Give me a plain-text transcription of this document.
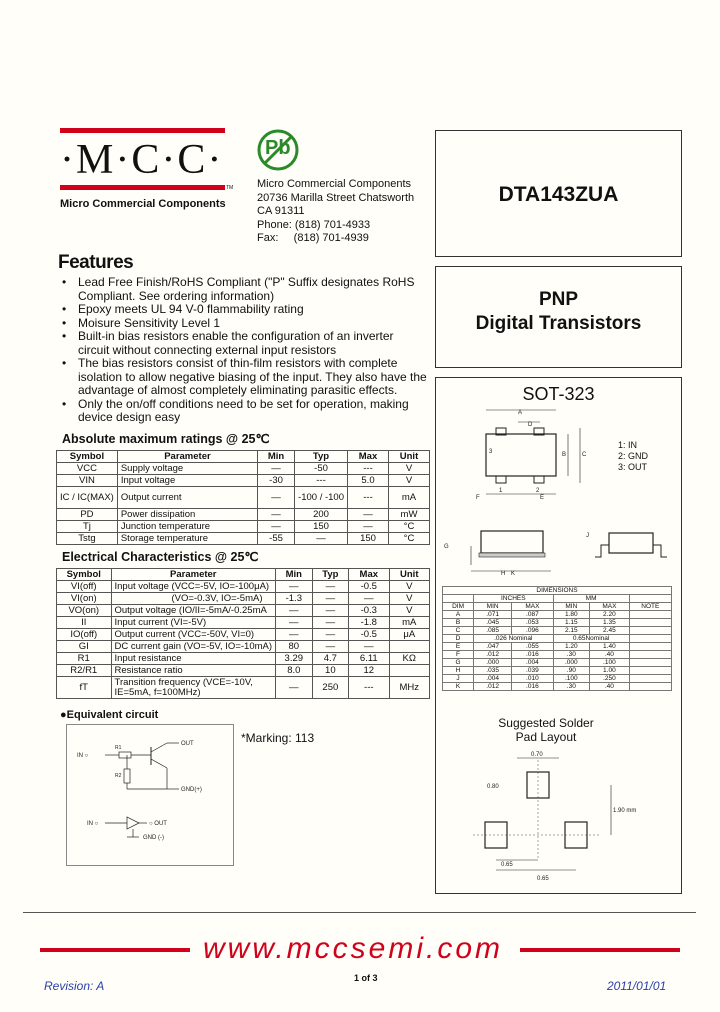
·M·C·C·
TM
Micro Commercial Components
Pb
Micro Commercial Components
20736 Marilla Street Chatsworth
CA 91311
Phone: (818) 701-4933
Fax:     (818) 701-4939
DTA143ZUA
PNP
Digital Transistors
Features
• Lead Free Finish/RoHS Compliant ("P" Suffix designates RoHS Compliant. See ordering information)
• Epoxy meets UL 94 V-0 flammability rating
• Moisure Sensitivity Level 1
• Built-in bias resistors enable the configuration of an inverter circuit without connecting external input resistors
• The bias resistors consist of thin-film resistors with complete isolation to allow negative biasing of the input. They also have the advantage of almost completely eliminating parasitic effects.
• Only the on/off conditions need to be set for operation, making device design easy
Absolute maximum ratings @ 25℃
Symbol	Parameter	Min	Typ	Max	Unit
VCC	Supply voltage	—	-50	---	V
VIN	Input voltage	-30	---	5.0	V
IC / IC(MAX)	Output current	—	-100 / -100	---	mA
PD	Power dissipation	—	200	—	mW
Tj	Junction temperature	—	150	—	°C
Tstg	Storage temperature	-55	—	150	°C
Electrical Characteristics @ 25℃
Symbol	Parameter	Min	Typ	Max	Unit
VI(off)	Input voltage (VCC=-5V, IO=-100μA)	—	—	-0.5	V
VI(on)	(VO=-0.3V, IO=-5mA)	-1.3	—	—	V
VO(on)	Output voltage (IO/II=-5mA/-0.25mA	—	—	-0.3	V
II	Input current (VI=-5V)	—	—	-1.8	mA
IO(off)	Output current (VCC=-50V, VI=0)	—	—	-0.5	μA
GI	DC current gain (VO=-5V, IO=-10mA)	80	—	—	
R1	Input resistance	3.29	4.7	6.11	KΩ
R2/R1	Resistance ratio	8.0	10	12	
fT	Transition frequency (VCE=-10V, IE=5mA, f=100MHz)	—	250	---	MHz
SOT-323
A
D
3
1	2
B	C
F	E
1: IN
2: GND
3: OUT
G
K
H
J
DIMENSIONS					
	INCHES		MM		
DIM	MIN	MAX	MIN	MAX	NOTE
A	.071	.087	1.80	2.20	
B	.045	.053	1.15	1.35	
C	.085	.096	2.15	2.45	
D	.026 Nominal		0.65Nominal		
E	.047	.055	1.20	1.40	
F	.012	.016	.30	.40	
G	.000	.004	.000	.100	
H	.035	.039	.90	1.00	
J	.004	.010	.100	.250	
K	.012	.016	.30	.40	
Suggested Solder Pad Layout
0.70
0.80
1.90 mm
0.65
0.65
●Equivalent circuit
*Marking: 113
IN ○
OUT
GND(+)
R1
R2
IN ○	○ OUT
GND (-)
www.mccsemi.com
Revision: A
1 of 3
2011/01/01
